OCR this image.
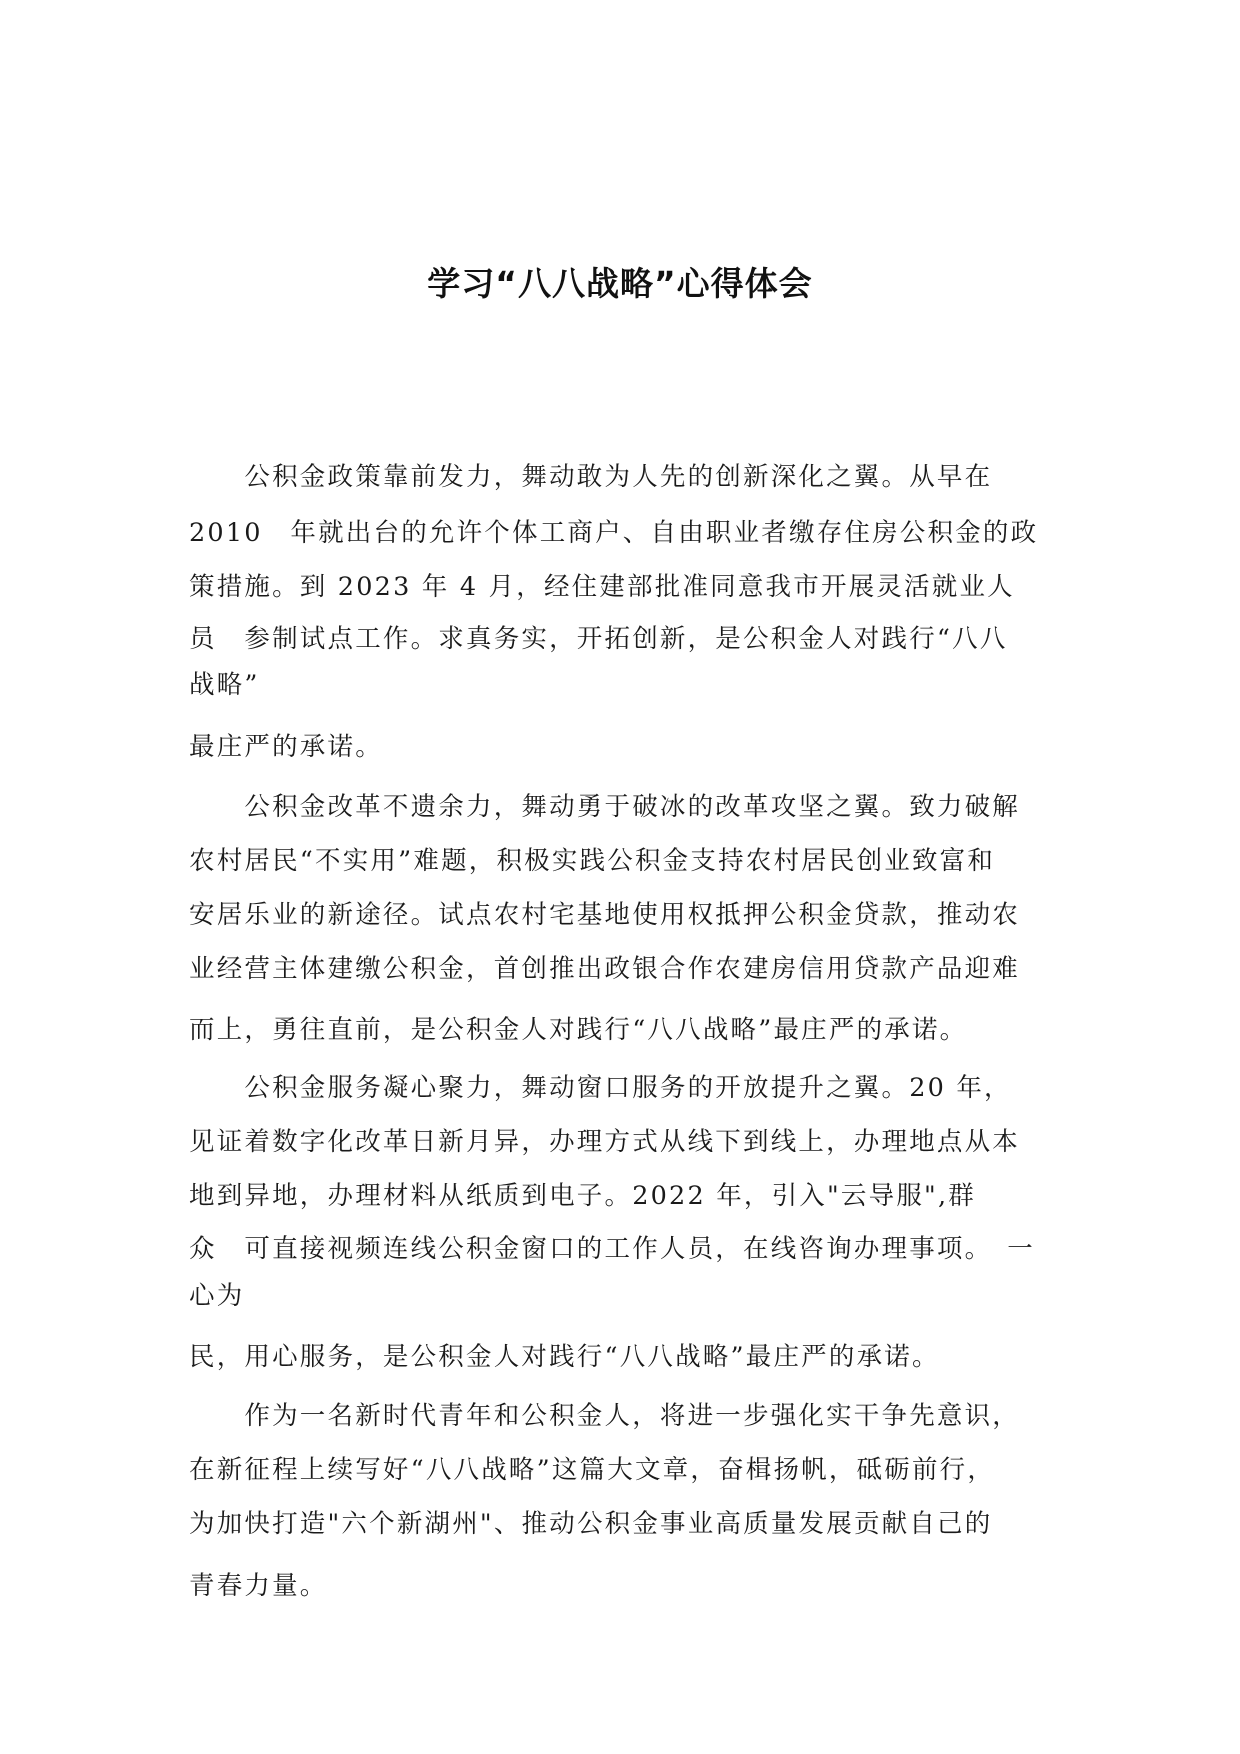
学习“八八战略”心得体会
　　公积金政策靠前发力，舞动敢为人先的创新深化之翼。从早在
2010　年就出台的允许个体工商户、自由职业者缴存住房公积金的政
策措施。到 2023 年 4 月，经住建部批准同意我市开展灵活就业人
员　参制试点工作。求真务实，开拓创新，是公积金人对践行“八八
战略”
最庄严的承诺。
　　公积金改革不遗余力，舞动勇于破冰的改革攻坚之翼。致力破解
农村居民“不实用”难题，积极实践公积金支持农村居民创业致富和
安居乐业的新途径。试点农村宅基地使用权抵押公积金贷款，推动农
业经营主体建缴公积金，首创推出政银合作农建房信用贷款产品迎难
而上，勇往直前，是公积金人对践行“八八战略”最庄严的承诺。
　　公积金服务凝心聚力，舞动窗口服务的开放提升之翼。20 年，
见证着数字化改革日新月异，办理方式从线下到线上，办理地点从本
地到异地，办理材料从纸质到电子。2022 年，引入"云导服",群
众　可直接视频连线公积金窗口的工作人员，在线咨询办理事项。　一
心为
民，用心服务，是公积金人对践行“八八战略”最庄严的承诺。
　　作为一名新时代青年和公积金人，将进一步强化实干争先意识，
在新征程上续写好“八八战略”这篇大文章，奋楫扬帆，砥砺前行，
为加快打造"六个新湖州"、推动公积金事业高质量发展贡献自己的
青春力量。
